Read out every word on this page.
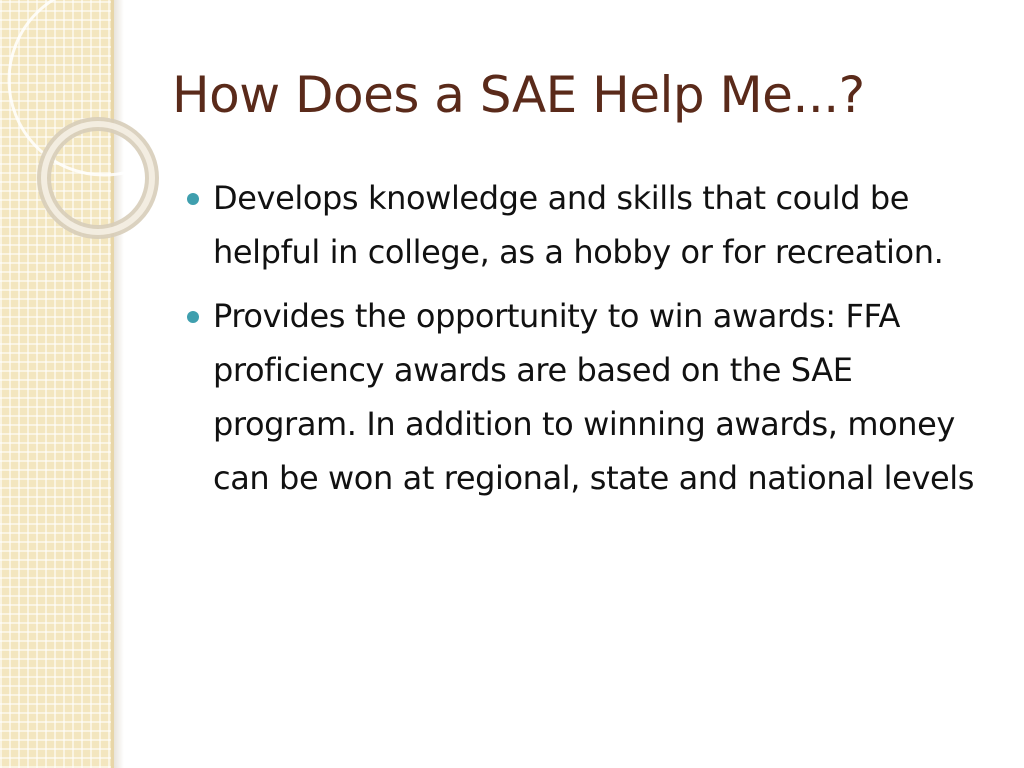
How Does a SAE Help Me...?
Develops knowledge and skills that could be helpful in college, as a hobby or for recreation.
Provides the opportunity to win awards: FFA proficiency awards are based on the SAE program. In addition to winning awards, money can be won at regional, state and national levels
